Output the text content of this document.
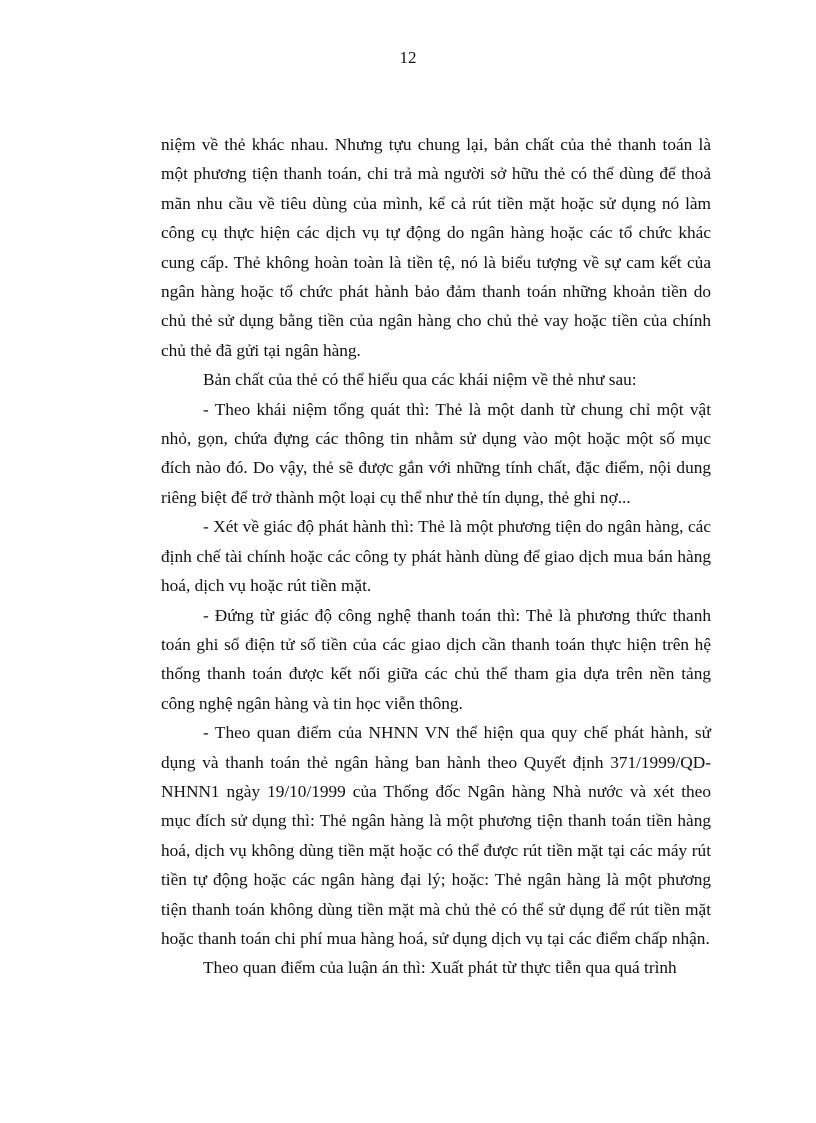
12

niệm về thẻ khác nhau. Nhưng tựu chung lại, bản chất của thẻ thanh toán là một phương tiện thanh toán, chi trả mà người sở hữu thẻ có thể dùng để thoả mãn nhu cầu về tiêu dùng của mình, kể cả rút tiền mặt hoặc sử dụng nó làm công cụ thực hiện các dịch vụ tự động do ngân hàng hoặc các tổ chức khác cung cấp. Thẻ không hoàn toàn là tiền tệ, nó là biểu tượng về sự cam kết của ngân hàng hoặc tổ chức phát hành bảo đảm thanh toán những khoản tiền do chủ thẻ sử dụng bằng tiền của ngân hàng cho chủ thẻ vay hoặc tiền của chính chủ thẻ đã gửi tại ngân hàng.

Bản chất của thẻ có thể hiểu qua các khái niệm về thẻ như sau:

- Theo khái niệm tổng quát thì: Thẻ là một danh từ chung chỉ một vật nhỏ, gọn, chứa đựng các thông tin nhằm sử dụng vào một hoặc một số mục đích nào đó. Do vậy, thẻ sẽ được gắn với những tính chất, đặc điểm, nội dung riêng biệt để trở thành một loại cụ thể như thẻ tín dụng, thẻ ghi nợ...

- Xét về giác độ phát hành thì: Thẻ là một phương tiện do ngân hàng, các định chế tài chính hoặc các công ty phát hành dùng để giao dịch mua bán hàng hoá, dịch vụ hoặc rút tiền mặt.

- Đứng từ giác độ công nghệ thanh toán thì: Thẻ là phương thức thanh toán ghi sổ điện tử số tiền của các giao dịch cần thanh toán thực hiện trên hệ thống thanh toán được kết nối giữa các chủ thể tham gia dựa trên nền tảng công nghệ ngân hàng và tin học viễn thông.

- Theo quan điểm của NHNN VN thể hiện qua quy chế phát hành, sử dụng và thanh toán thẻ ngân hàng ban hành theo Quyết định 371/1999/QD-NHNN1 ngày 19/10/1999 của Thống đốc Ngân hàng Nhà nước và xét theo mục đích sử dụng thì: Thẻ ngân hàng là một phương tiện thanh toán tiền hàng hoá, dịch vụ không dùng tiền mặt hoặc có thể được rút tiền mặt tại các máy rút tiền tự động hoặc các ngân hàng đại lý; hoặc: Thẻ ngân hàng là một phương tiện thanh toán không dùng tiền mặt mà chủ thẻ có thể sử dụng để rút tiền mặt hoặc thanh toán chi phí mua hàng hoá, sử dụng dịch vụ tại các điểm chấp nhận.

Theo quan điểm của luận án thì: Xuất phát từ thực tiễn qua quá trình
